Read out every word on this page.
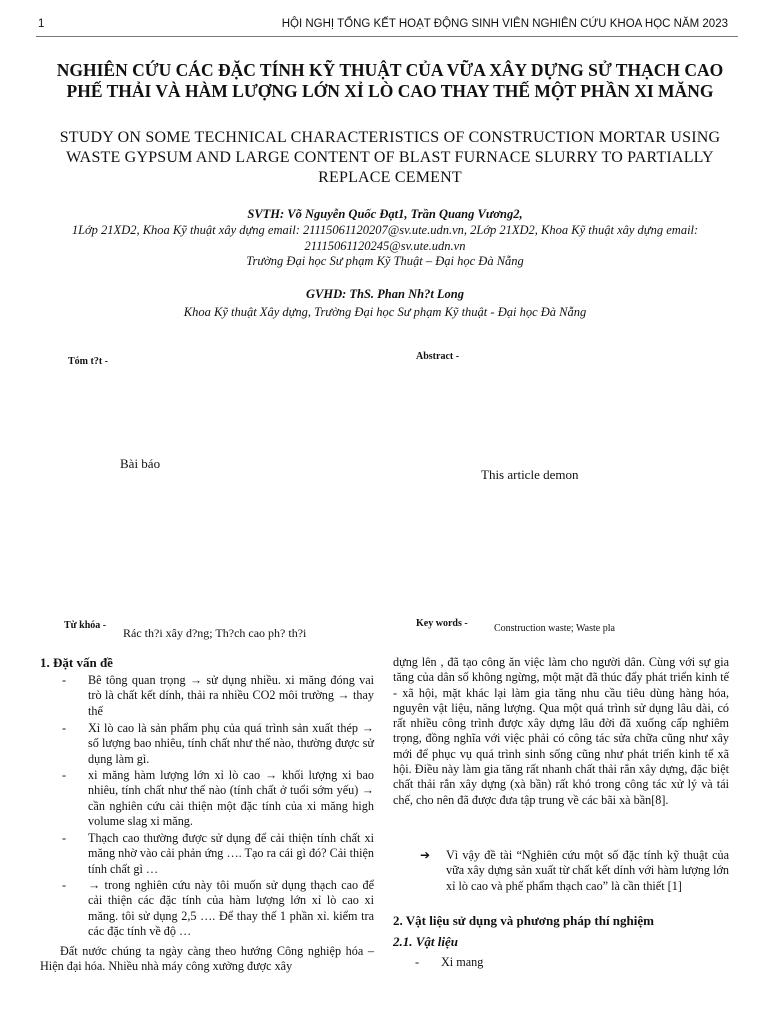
1	HỘI NGHỊ TỔNG KẾT HOẠT ĐỘNG SINH VIÊN NGHIÊN CỨU KHOA HỌC NĂM 2023
NGHIÊN CỨU CÁC ĐẶC TÍNH KỸ THUẬT CỦA VỮA XÂY DỰNG SỬ THẠCH CAO PHẾ THẢI VÀ HÀM LƯỢNG LỚN XỈ LÒ CAO THAY THẾ MỘT PHẦN XI MĂNG
STUDY ON SOME TECHNICAL CHARACTERISTICS OF CONSTRUCTION MORTAR USING WASTE GYPSUM AND LARGE CONTENT OF BLAST FURNACE SLURRY TO PARTIALLY REPLACE CEMENT
SVTH: Võ Nguyễn Quốc Đạt1, Trần Quang Vương2,
1Lớp 21XD2, Khoa Kỹ thuật xây dựng email: 21115061120207@sv.ute.udn.vn, 2Lớp 21XD2, Khoa Kỹ thuật xây dựng email: 21115061120245@sv.ute.udn.vn
Trường Đại học Sư phạm Kỹ Thuật – Đại học Đà Nẵng
GVHD: ThS. Phan Nh?t Long
Khoa Kỹ thuật Xây dựng, Trường Đại học Sư phạm Kỹ thuật - Đại học Đà Nẵng
Tóm t?t -	Abstract -
Bài báo
This article demon
Từ khóa -
Rác th?i xây d?ng; Th?ch cao ph? th?i
Key words -	Construction waste; Waste pla
1. Đặt vấn đề
- Bê tông quan trọng → sử dụng nhiều. xi măng đóng vai trò là chất kết dính, thải ra nhiều CO2 môi trường → thay thế
- Xỉ lò cao là sản phẩm phụ của quá trình sản xuất thép → số lượng bao nhiêu, tính chất như thế nào, thường được sử dụng làm gì.
- xi măng hàm lượng lớn xỉ lò cao → khối lượng xi bao nhiêu, tính chất như thế nào (tính chất ở tuổi sớm yếu) → cần nghiên cứu cải thiện một đặc tính của xi măng high volume slag xi măng.
- Thạch cao thường được sử dụng để cải thiện tính chất xi măng nhờ vào cải phản ứng …. Tạo ra cái gì đó? Cải thiện tính chất gì …
- → trong nghiên cứu này tôi muốn sử dụng thạch cao để cải thiện các đặc tính của hàm lượng lớn xỉ lò cao xi măng. tôi sử dụng 2,5 …. Để thay thế 1 phần xỉ. kiểm tra các đặc tính về độ …
Đất nước chúng ta ngày càng theo hướng Công nghiệp hóa – Hiện đại hóa. Nhiều nhà máy công xưởng được xây
dựng lên , đã tạo công ăn việc làm cho người dân. Cùng với sự gia tăng của dân số không ngừng, một mặt đã thúc đẩy phát triển kinh tế - xã hội, mặt khác lại làm gia tăng nhu cầu tiêu dùng hàng hóa, nguyên vật liệu, năng lượng. Qua một quá trình sử dụng lâu dài, có rất nhiều công trình được xây dựng lâu đời đã xuống cấp nghiêm trọng, đồng nghĩa với việc phải có công tác sửa chữa cũng như xây mới để phục vụ quá trình sinh sống cũng như phát triển kinh tế xã hội. Điều này làm gia tăng rất nhanh chất thải rắn xây dựng, đặc biệt chất thải rắn xây dựng (xà bần) rất khó trong công tác xử lý và tái chế, cho nên đã được đưa tập trung về các bãi xà bần[8].
➔ Vì vậy đề tài “Nghiên cứu một số đặc tính kỹ thuật của vữa xây dựng sản xuất từ chất kết dính với hàm lượng lớn xỉ lò cao và phế phẩm thạch cao” là cần thiết [1]
2. Vật liệu sử dụng và phương pháp thí nghiệm
2.1. Vật liệu
- Xi mang
